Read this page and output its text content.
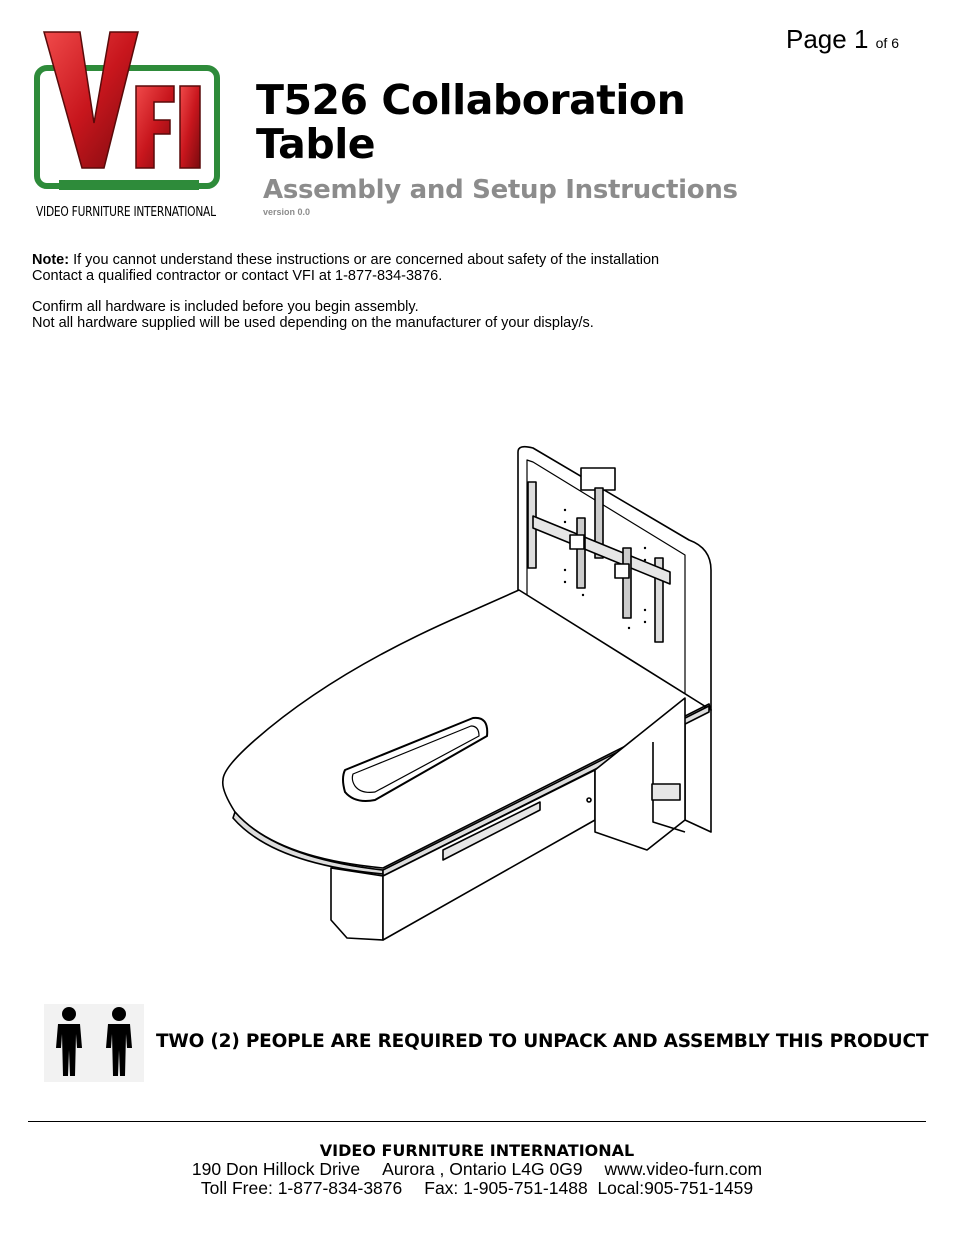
VIDEO FURNITURE INTERNATIONAL
Page 1 of 6
T526 Collaboration Table
Assembly and Setup Instructions
version 0.0

Note: If you cannot understand these instructions or are concerned about safety of the installation

Contact a qualified contractor or contact VFI at 1-877-834-3876.

Confirm all hardware is included before you begin assembly.

Not all hardware supplied will be used depending on the manufacturer of your display/s.

TWO (2) PEOPLE ARE REQUIRED TO UNPACK AND ASSEMBLY THIS PRODUCT
VIDEO FURNITURE INTERNATIONAL
190 Don Hillock Drive Aurora , Ontario L4G 0G9 www.video-furn.com
Toll Free: 1-877-834-3876 Fax: 1-905-751-1488 Local:905-751-1459
